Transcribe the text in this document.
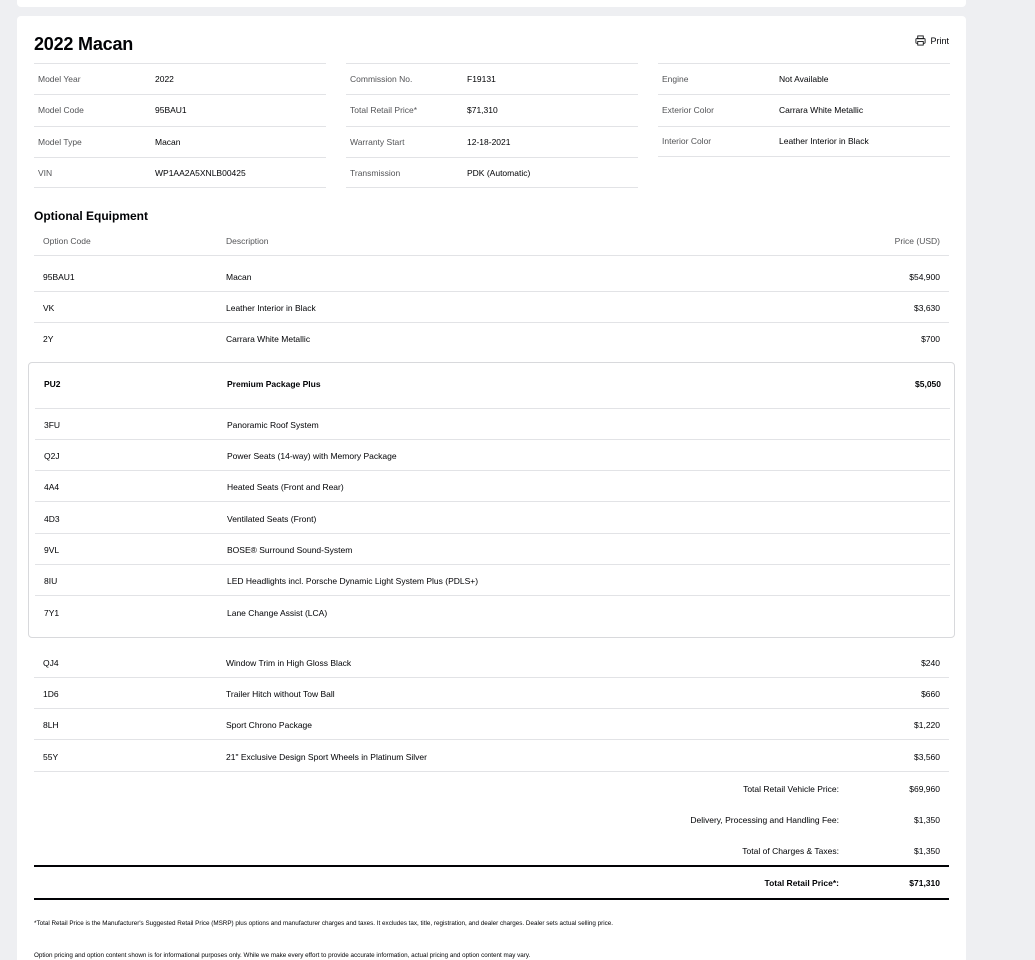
2022 Macan	Print
Model Year	2022
Model Code	95BAU1
Model Type	Macan
VIN	WP1AA2A5XNLB00425
Commission No.	F19131
Total Retail Price*	$71,310
Warranty Start	12-18-2021
Transmission	PDK (Automatic)
Engine	Not Available
Exterior Color	Carrara White Metallic
Interior Color	Leather Interior in Black
Optional Equipment
Option Code	Description	Price (USD)
95BAU1	Macan	$54,900
VK	Leather Interior in Black	$3,630
2Y	Carrara White Metallic	$700
PU2	Premium Package Plus	$5,050
3FU	Panoramic Roof System
Q2J	Power Seats (14-way) with Memory Package
4A4	Heated Seats (Front and Rear)
4D3	Ventilated Seats (Front)
9VL	BOSE® Surround Sound-System
8IU	LED Headlights incl. Porsche Dynamic Light System Plus (PDLS+)
7Y1	Lane Change Assist (LCA)
QJ4	Window Trim in High Gloss Black	$240
1D6	Trailer Hitch without Tow Ball	$660
8LH	Sport Chrono Package	$1,220
55Y	21" Exclusive Design Sport Wheels in Platinum Silver	$3,560
Total Retail Vehicle Price:	$69,960
Delivery, Processing and Handling Fee:	$1,350
Total of Charges & Taxes:	$1,350
Total Retail Price*:	$71,310
*Total Retail Price is the Manufacturer's Suggested Retail Price (MSRP) plus options and manufacturer charges and taxes. It excludes tax, title, registration, and dealer charges. Dealer sets actual selling price.
Option pricing and option content shown is for informational purposes only. While we make every effort to provide accurate information, actual pricing and option content may vary.
